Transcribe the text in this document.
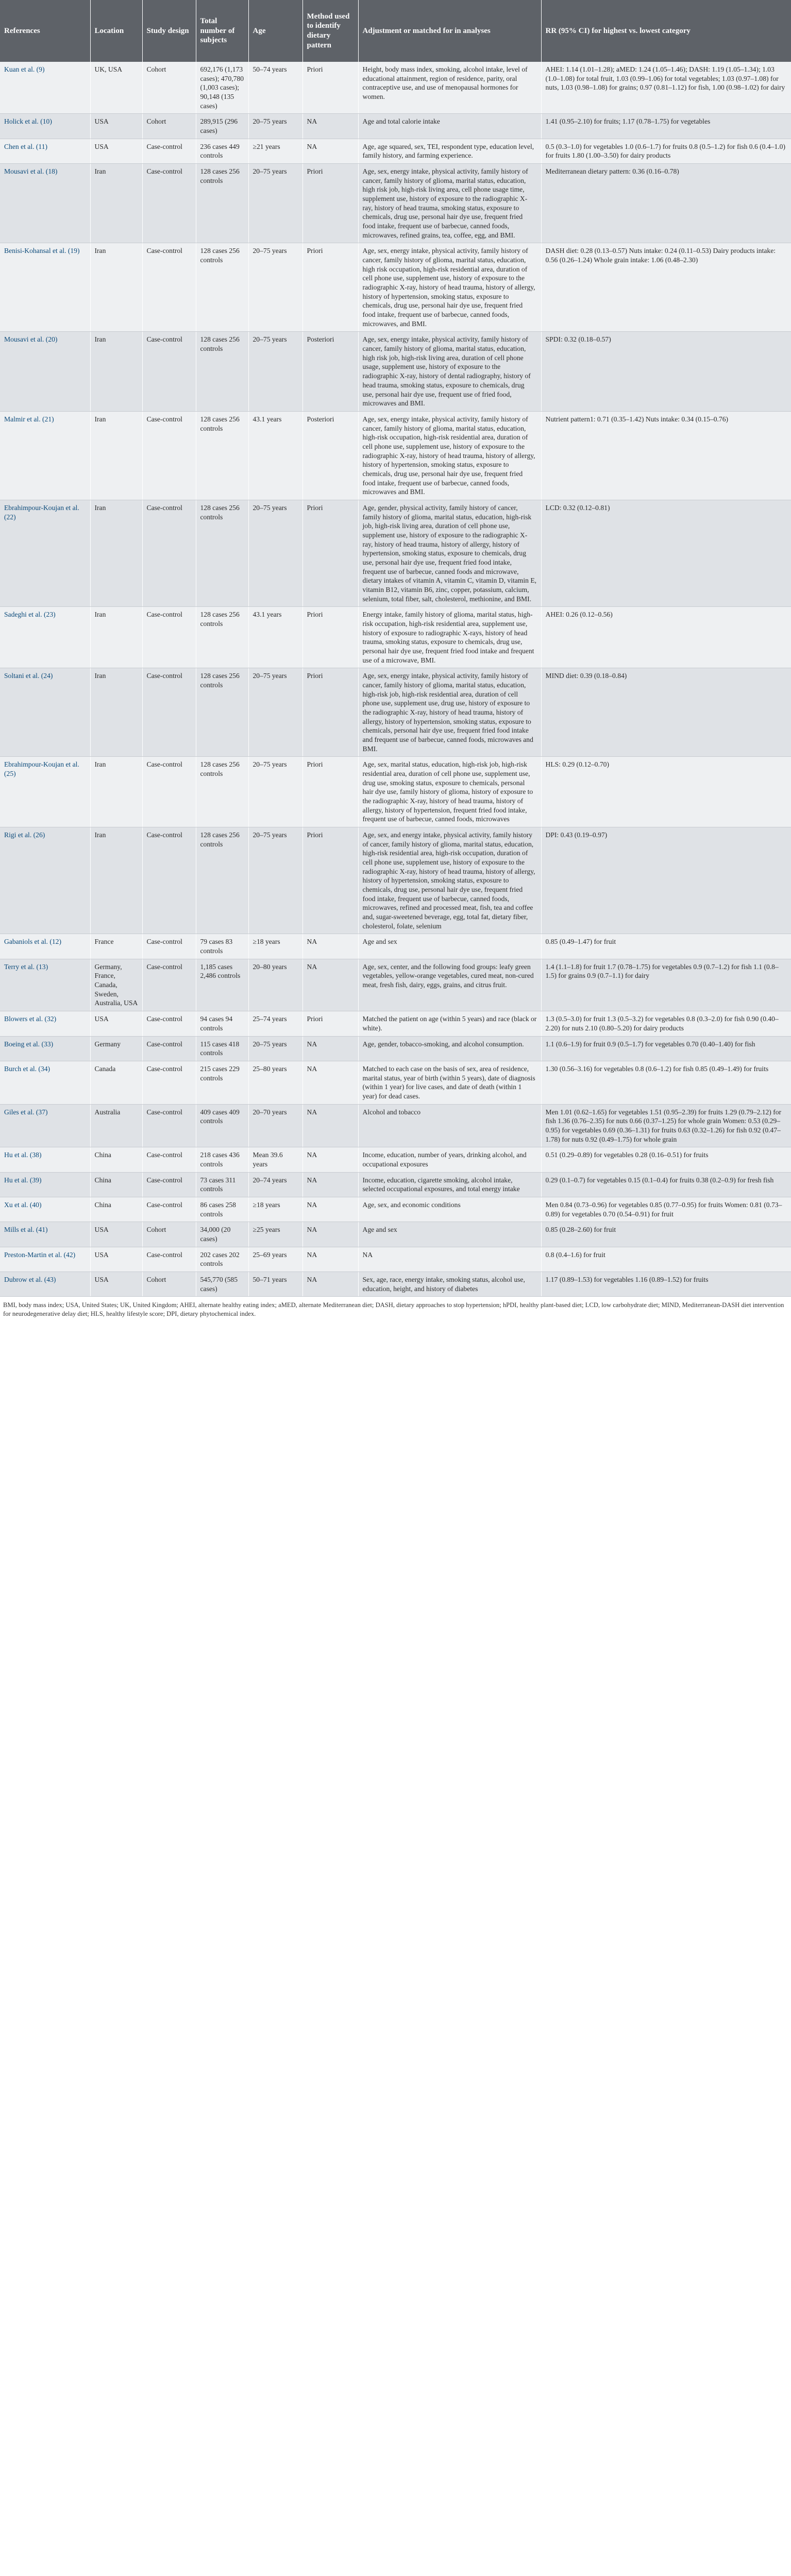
References	Location	Study design	Total number of subjects	Age	Method used to identify dietary pattern	Adjustment or matched for in analyses	RR (95% CI) for highest vs. lowest category
Kuan et al. (9)	UK, USA	Cohort	692,176 (1,173 cases); 470,780 (1,003 cases); 90,148 (135 cases)	50–74 years	Priori	Height, body mass index, smoking, alcohol intake, level of educational attainment, region of residence, parity, oral contraceptive use, and use of menopausal hormones for women.	AHEI: 1.14 (1.01–1.28); aMED: 1.24 (1.05–1.46); DASH: 1.19 (1.05–1.34); 1.03 (1.0–1.08) for total fruit, 1.03 (0.99–1.06) for total vegetables; 1.03 (0.97–1.08) for nuts, 1.03 (0.98–1.08) for grains; 0.97 (0.81–1.12) for fish, 1.00 (0.98–1.02) for dairy
Holick et al. (10)	USA	Cohort	289,915 (296 cases)	20–75 years	NA	Age and total calorie intake	1.41 (0.95–2.10) for fruits; 1.17 (0.78–1.75) for vegetables
Chen et al. (11)	USA	Case-control	236 cases 449 controls	≥21 years	NA	Age, age squared, sex, TEI, respondent type, education level, family history, and farming experience.	0.5 (0.3–1.0) for vegetables 1.0 (0.6–1.7) for fruits 0.8 (0.5–1.2) for fish 0.6 (0.4–1.0) for fruits 1.80 (1.00–3.50) for dairy products
Mousavi et al. (18)	Iran	Case-control	128 cases 256 controls	20–75 years	Priori	Age, sex, energy intake, physical activity, family history of cancer, family history of glioma, marital status, education, high risk job, high-risk living area, cell phone usage time, supplement use, history of exposure to the radiographic X-ray, history of head trauma, smoking status, exposure to chemicals, drug use, personal hair dye use, frequent fried food intake, frequent use of barbecue, canned foods, microwaves, refined grains, tea, coffee, egg, and BMI.	Mediterranean dietary pattern: 0.36 (0.16–0.78)
Benisi-Kohansal et al. (19)	Iran	Case-control	128 cases 256 controls	20–75 years	Priori	Age, sex, energy intake, physical activity, family history of cancer, family history of glioma, marital status, education, high risk occupation, high-risk residential area, duration of cell phone use, supplement use, history of exposure to the radiographic X-ray, history of head trauma, history of allergy, history of hypertension, smoking status, exposure to chemicals, drug use, personal hair dye use, frequent fried food intake, frequent use of barbecue, canned foods, microwaves, and BMI.	DASH diet: 0.28 (0.13–0.57) Nuts intake: 0.24 (0.11–0.53) Dairy products intake: 0.56 (0.26–1.24) Whole grain intake: 1.06 (0.48–2.30)
Mousavi et al. (20)	Iran	Case-control	128 cases 256 controls	20–75 years	Posteriori	Age, sex, energy intake, physical activity, family history of cancer, family history of glioma, marital status, education, high risk job, high-risk living area, duration of cell phone usage, supplement use, history of exposure to the radiographic X-ray, history of dental radiography, history of head trauma, smoking status, exposure to chemicals, drug use, personal hair dye use, frequent use of fried food, microwaves and BMI.	SPDI: 0.32 (0.18–0.57)
Malmir et al. (21)	Iran	Case-control	128 cases 256 controls	43.1 years	Posteriori	Age, sex, energy intake, physical activity, family history of cancer, family history of glioma, marital status, education, high-risk occupation, high-risk residential area, duration of cell phone use, supplement use, history of exposure to the radiographic X-ray, history of head trauma, history of allergy, history of hypertension, smoking status, exposure to chemicals, drug use, personal hair dye use, frequent fried food intake, frequent use of barbecue, canned foods, microwaves and BMI.	Nutrient pattern1: 0.71 (0.35–1.42) Nuts intake: 0.34 (0.15–0.76)
Ebrahimpour-Koujan et al. (22)	Iran	Case-control	128 cases 256 controls	20–75 years	Priori	Age, gender, physical activity, family history of cancer, family history of glioma, marital status, education, high-risk job, high-risk living area, duration of cell phone use, supplement use, history of exposure to the radiographic X-ray, history of head trauma, history of allergy, history of hypertension, smoking status, exposure to chemicals, drug use, personal hair dye use, frequent fried food intake, frequent use of barbecue, canned foods and microwave, dietary intakes of vitamin A, vitamin C, vitamin D, vitamin E, vitamin B12, vitamin B6, zinc, copper, potassium, calcium, selenium, total fiber, salt, cholesterol, methionine, and BMI.	LCD: 0.32 (0.12–0.81)
Sadeghi et al. (23)	Iran	Case-control	128 cases 256 controls	43.1 years	Priori	Energy intake, family history of glioma, marital status, high-risk occupation, high-risk residential area, supplement use, history of exposure to radiographic X-rays, history of head trauma, smoking status, exposure to chemicals, drug use, personal hair dye use, frequent fried food intake and frequent use of a microwave, BMI.	AHEI: 0.26 (0.12–0.56)
Soltani et al. (24)	Iran	Case-control	128 cases 256 controls	20–75 years	Priori	Age, sex, energy intake, physical activity, family history of cancer, family history of glioma, marital status, education, high-risk job, high-risk residential area, duration of cell phone use, supplement use, drug use, history of exposure to the radiographic X-ray, history of head trauma, history of allergy, history of hypertension, smoking status, exposure to chemicals, personal hair dye use, frequent fried food intake and frequent use of barbecue, canned foods, microwaves and BMI.	MIND diet: 0.39 (0.18–0.84)
Ebrahimpour-Koujan et al. (25)	Iran	Case-control	128 cases 256 controls	20–75 years	Priori	Age, sex, marital status, education, high-risk job, high-risk residential area, duration of cell phone use, supplement use, drug use, smoking status, exposure to chemicals, personal hair dye use, family history of glioma, history of exposure to the radiographic X-ray, history of head trauma, history of allergy, history of hypertension, frequent fried food intake, frequent use of barbecue, canned foods, microwaves	HLS: 0.29 (0.12–0.70)
Rigi et al. (26)	Iran	Case-control	128 cases 256 controls	20–75 years	Priori	Age, sex, and energy intake, physical activity, family history of cancer, family history of glioma, marital status, education, high-risk residential area, high-risk occupation, duration of cell phone use, supplement use, history of exposure to the radiographic X-ray, history of head trauma, history of allergy, history of hypertension, smoking status, exposure to chemicals, drug use, personal hair dye use, frequent fried food intake, frequent use of barbecue, canned foods, microwaves, refined and processed meat, fish, tea and coffee and, sugar-sweetened beverage, egg, total fat, dietary fiber, cholesterol, folate, selenium	DPI: 0.43 (0.19–0.97)
Gabaniols et al. (12)	France	Case-control	79 cases 83 controls	≥18 years	NA	Age and sex	0.85 (0.49–1.47) for fruit
Terry et al. (13)	Germany, France, Canada, Sweden, Australia, USA	Case-control	1,185 cases 2,486 controls	20–80 years	NA	Age, sex, center, and the following food groups: leafy green vegetables, yellow-orange vegetables, cured meat, non-cured meat, fresh fish, dairy, eggs, grains, and citrus fruit.	1.4 (1.1–1.8) for fruit 1.7 (0.78–1.75) for vegetables 0.9 (0.7–1.2) for fish 1.1 (0.8–1.5) for grains 0.9 (0.7–1.1) for dairy
Blowers et al. (32)	USA	Case-control	94 cases 94 controls	25–74 years	Priori	Matched the patient on age (within 5 years) and race (black or white).	1.3 (0.5–3.0) for fruit 1.3 (0.5–3.2) for vegetables 0.8 (0.3–2.0) for fish 0.90 (0.40–2.20) for nuts 2.10 (0.80–5.20) for dairy products
Boeing et al. (33)	Germany	Case-control	115 cases 418 controls	20–75 years	NA	Age, gender, tobacco-smoking, and alcohol consumption.	1.1 (0.6–1.9) for fruit 0.9 (0.5–1.7) for vegetables 0.70 (0.40–1.40) for fish
Burch et al. (34)	Canada	Case-control	215 cases 229 controls	25–80 years	NA	Matched to each case on the basis of sex, area of residence, marital status, year of birth (within 5 years), date of diagnosis (within 1 year) for live cases, and date of death (within 1 year) for dead cases.	1.30 (0.56–3.16) for vegetables 0.8 (0.6–1.2) for fish 0.85 (0.49–1.49) for fruits
Giles et al. (37)	Australia	Case-control	409 cases 409 controls	20–70 years	NA	Alcohol and tobacco	Men 1.01 (0.62–1.65) for vegetables 1.51 (0.95–2.39) for fruits 1.29 (0.79–2.12) for fish 1.36 (0.76–2.35) for nuts 0.66 (0.37–1.25) for whole grain Women: 0.53 (0.29–0.95) for vegetables 0.69 (0.36–1.31) for fruits 0.63 (0.32–1.26) for fish 0.92 (0.47–1.78) for nuts 0.92 (0.49–1.75) for whole grain
Hu et al. (38)	China	Case-control	218 cases 436 controls	Mean 39.6 years	NA	Income, education, number of years, drinking alcohol, and occupational exposures	0.51 (0.29–0.89) for vegetables 0.28 (0.16–0.51) for fruits
Hu et al. (39)	China	Case-control	73 cases 311 controls	20–74 years	NA	Income, education, cigarette smoking, alcohol intake, selected occupational exposures, and total energy intake	0.29 (0.1–0.7) for vegetables 0.15 (0.1–0.4) for fruits 0.38 (0.2–0.9) for fresh fish
Xu et al. (40)	China	Case-control	86 cases 258 controls	≥18 years	NA	Age, sex, and economic conditions	Men 0.84 (0.73–0.96) for vegetables 0.85 (0.77–0.95) for fruits Women: 0.81 (0.73–0.89) for vegetables 0.70 (0.54–0.91) for fruit
Mills et al. (41)	USA	Cohort	34,000 (20 cases)	≥25 years	NA	Age and sex	0.85 (0.28–2.60) for fruit
Preston-Martin et al. (42)	USA	Case-control	202 cases 202 controls	25–69 years	NA	NA	0.8 (0.4–1.6) for fruit
Dubrow et al. (43)	USA	Cohort	545,770 (585 cases)	50–71 years	NA	Sex, age, race, energy intake, smoking status, alcohol use, education, height, and history of diabetes	1.17 (0.89–1.53) for vegetables 1.16 (0.89–1.52) for fruits
BMI, body mass index; USA, United States; UK, United Kingdom; AHEI, alternate healthy eating index; aMED, alternate Mediterranean diet; DASH, dietary approaches to stop hypertension; hPDI, healthy plant-based diet; LCD, low carbohydrate diet; MIND, Mediterranean-DASH diet intervention for neurodegenerative delay diet; HLS, healthy lifestyle score; DPI, dietary phytochemical index.
